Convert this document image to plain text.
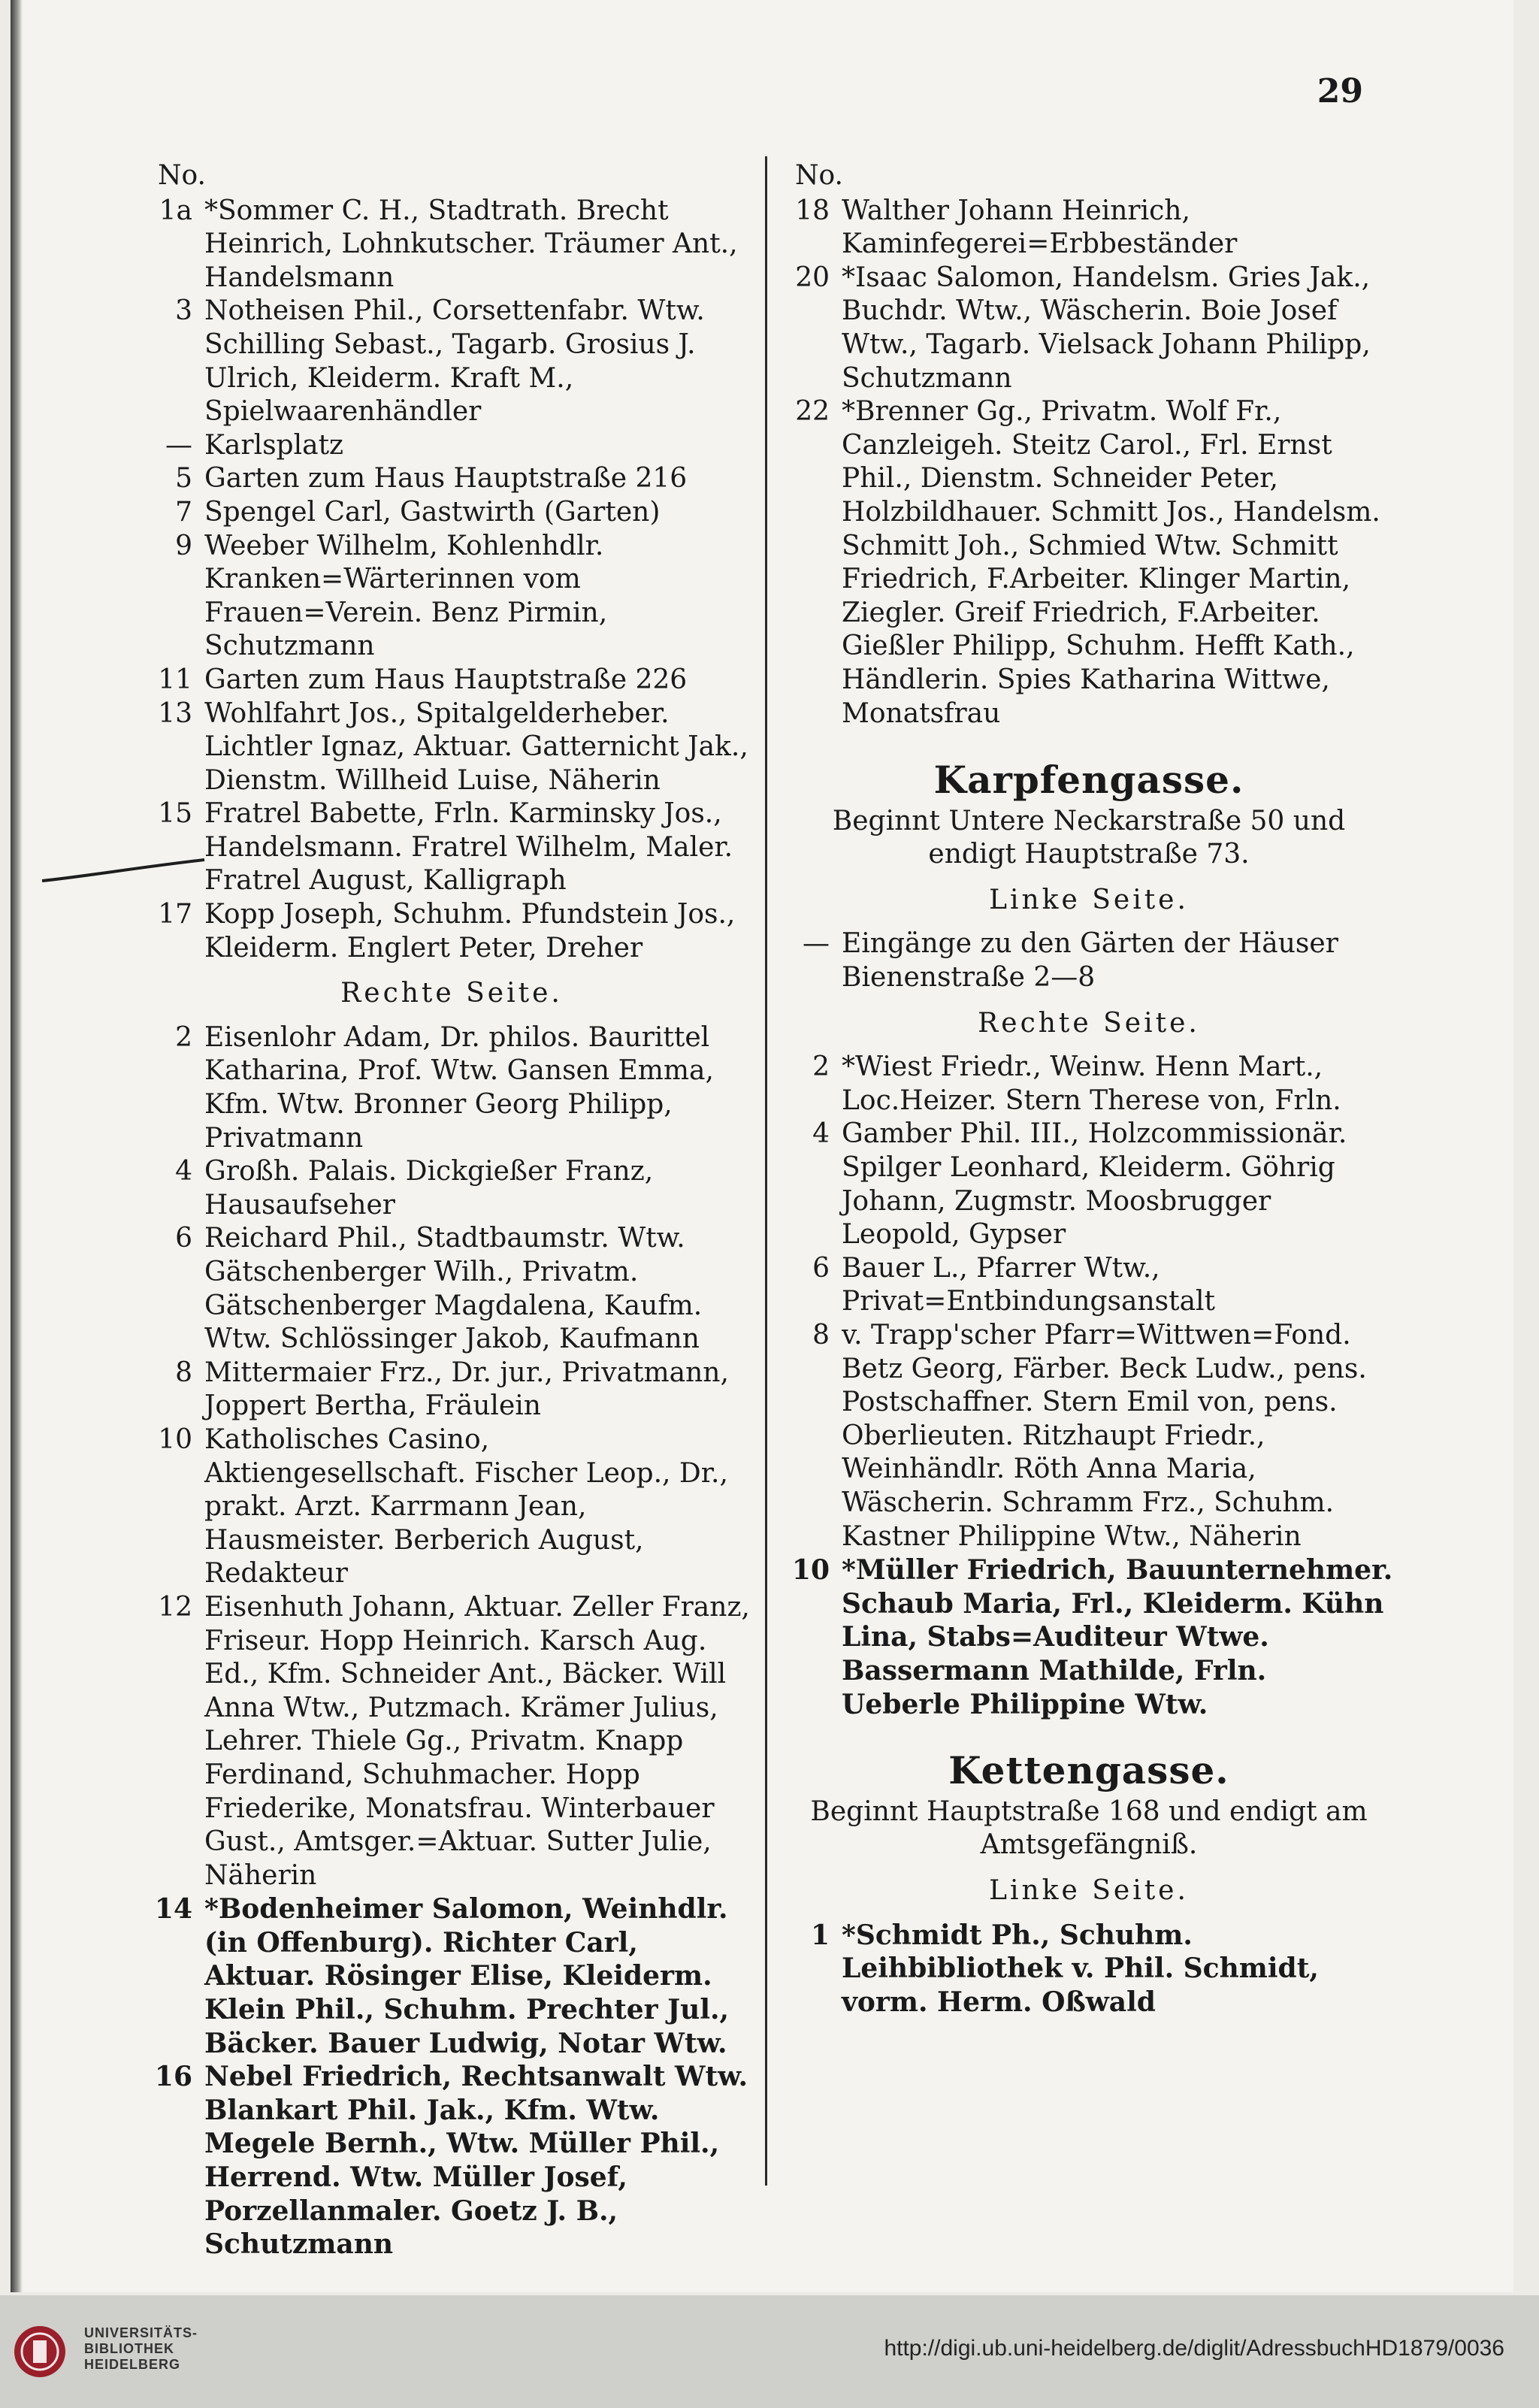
29
No.
1a *Sommer C. H., Stadtrath. Brecht Heinrich, Lohnkutscher. Träumer Ant., Handelsmann
3 Notheisen Phil., Corsettenfabr. Wtw. Schilling Sebast., Tagarb. Grosius J. Ulrich, Kleiderm. Kraft M., Spielwaarenhändler
— Karlsplatz
5 Garten zum Haus Hauptstraße 216
7 Spengel Carl, Gastwirth (Garten)
9 Weeber Wilhelm, Kohlenhdlr. Kranken=Wärterinnen vom Frauen=Verein. Benz Pirmin, Schutzmann
11 Garten zum Haus Hauptstraße 226
13 Wohlfahrt Jos., Spitalgelderheber. Lichtler Ignaz, Aktuar. Gatternicht Jak., Dienstm. Willheid Luise, Näherin
15 Fratrel Babette, Frln. Karminsky Jos., Handelsmann. Fratrel Wilhelm, Maler. Fratrel August, Kalligraph
17 Kopp Joseph, Schuhm. Pfundstein Jos., Kleiderm. Englert Peter, Dreher
Rechte Seite.
2 Eisenlohr Adam, Dr. philos. Baurittel Katharina, Prof. Wtw. Gansen Emma, Kfm. Wtw. Bronner Georg Philipp, Privatmann
4 Großh. Palais. Dickgießer Franz, Hausaufseher
6 Reichard Phil., Stadtbaumstr. Wtw. Gätschenberger Wilh., Privatm. Gätschenberger Magdalena, Kaufm. Wtw. Schlössinger Jakob, Kaufmann
8 Mittermaier Frz., Dr. jur., Privatmann, Joppert Bertha, Fräulein
10 Katholisches Casino, Aktiengesellschaft. Fischer Leop., Dr., prakt. Arzt. Karrmann Jean, Hausmeister. Berberich August, Redakteur
12 Eisenhuth Johann, Aktuar. Zeller Franz, Friseur. Hopp Heinrich. Karsch Aug. Ed., Kfm. Schneider Ant., Bäcker. Will Anna Wtw., Putzmach. Krämer Julius, Lehrer. Thiele Gg., Privatm. Knapp Ferdinand, Schuhmacher. Hopp Friederike, Monatsfrau. Winterbauer Gust., Amtsger.=Aktuar. Sutter Julie, Näherin
14 *Bodenheimer Salomon, Weinhdlr. (in Offenburg). Richter Carl, Aktuar. Rösinger Elise, Kleiderm. Klein Phil., Schuhm. Prechter Jul., Bäcker. Bauer Ludwig, Notar Wtw.
16 Nebel Friedrich, Rechtsanwalt Wtw. Blankart Phil. Jak., Kfm. Wtw. Megele Bernh., Wtw. Müller Phil., Herrend. Wtw. Müller Josef, Porzellanmaler. Goetz J. B., Schutzmann
No.
18 Walther Johann Heinrich, Kaminfegerei=Erbbeständer
20 *Isaac Salomon, Handelsm. Gries Jak., Buchdr. Wtw., Wäscherin. Boie Josef Wtw., Tagarb. Vielsack Johann Philipp, Schutzmann
22 *Brenner Gg., Privatm. Wolf Fr., Canzleigeh. Steitz Carol., Frl. Ernst Phil., Dienstm. Schneider Peter, Holzbildhauer. Schmitt Jos., Handelsm. Schmitt Joh., Schmied Wtw. Schmitt Friedrich, F.Arbeiter. Klinger Martin, Ziegler. Greif Friedrich, F.Arbeiter. Gießler Philipp, Schuhm. Hefft Kath., Händlerin. Spies Katharina Wittwe, Monatsfrau
Karpfengasse.
Beginnt Untere Neckarstraße 50 und endigt Hauptstraße 73.
Linke Seite.
— Eingänge zu den Gärten der Häuser Bienenstraße 2—8
Rechte Seite.
2 *Wiest Friedr., Weinw. Henn Mart., Loc.Heizer. Stern Therese von, Frln.
4 Gamber Phil. III., Holzcommissionär. Spilger Leonhard, Kleiderm. Göhrig Johann, Zugmstr. Moosbrugger Leopold, Gypser
6 Bauer L., Pfarrer Wtw., Privat=Entbindungsanstalt
8 v. Trapp'scher Pfarr=Wittwen=Fond. Betz Georg, Färber. Beck Ludw., pens. Postschaffner. Stern Emil von, pens. Oberlieuten. Ritzhaupt Friedr., Weinhändlr. Röth Anna Maria, Wäscherin. Schramm Frz., Schuhm. Kastner Philippine Wtw., Näherin
10 *Müller Friedrich, Bauunternehmer. Schaub Maria, Frl., Kleiderm. Kühn Lina, Stabs=Auditeur Wtwe. Bassermann Mathilde, Frln. Ueberle Philippine Wtw.
Kettengasse.
Beginnt Hauptstraße 168 und endigt am Amtsgefängniß.
Linke Seite.
1 *Schmidt Ph., Schuhm. Leihbibliothek v. Phil. Schmidt, vorm. Herm. Oßwald
UNIVERSITÄTS-
BIBLIOTHEK
HEIDELBERG
http://digi.ub.uni-heidelberg.de/diglit/AdressbuchHD1879/0036
